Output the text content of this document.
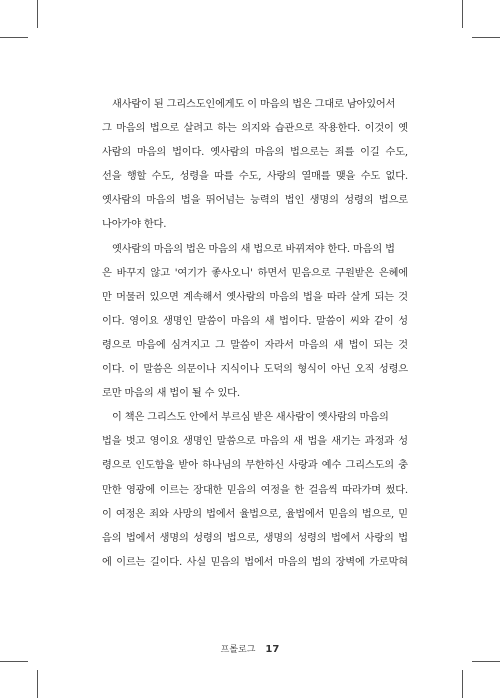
새사람이 된 그리스도인에게도 이 마음의 법은 그대로 남아있어서
그 마음의 법으로 살려고 하는 의지와 습관으로 작용한다. 이것이 옛
사람의 마음의 법이다. 옛사람의 마음의 법으로는 죄를 이길 수도,
선을 행할 수도, 성령을 따를 수도, 사랑의 열매를 맺을 수도 없다.
옛사람의 마음의 법을 뛰어넘는 능력의 법인 생명의 성령의 법으로
나아가야 한다.
옛사람의 마음의 법은 마음의 새 법으로 바뀌져야 한다. 마음의 법
은 바꾸지 않고 '여기가 좋사오니' 하면서 믿음으로 구원받은 은혜에
만 머물러 있으면 계속해서 옛사람의 마음의 법을 따라 살게 되는 것
이다. 영이요 생명인 말씀이 마음의 새 법이다. 말씀이 씨와 같이 성
령으로 마음에 심겨지고 그 말씀이 자라서 마음의 새 법이 되는 것
이다. 이 말씀은 의문이나 지식이나 도덕의 형식이 아닌 오직 성령으
로만 마음의 새 법이 될 수 있다.
이 책은 그리스도 안에서 부르심 받은 새사람이 옛사람의 마음의
법을 벗고 영이요 생명인 말씀으로 마음의 새 법을 새기는 과정과 성
령으로 인도함을 받아 하나님의 무한하신 사랑과 예수 그리스도의 충
만한 영광에 이르는 장대한 믿음의 여정을 한 걸음씩 따라가며 썼다.
이 여정은 죄와 사망의 법에서 율법으로, 율법에서 믿음의 법으로, 믿
음의 법에서 생명의 성령의 법으로, 생명의 성령의 법에서 사랑의 법
에 이르는 길이다. 사실 믿음의 법에서 마음의 법의 장벽에 가로막혀
프롤로그 17
